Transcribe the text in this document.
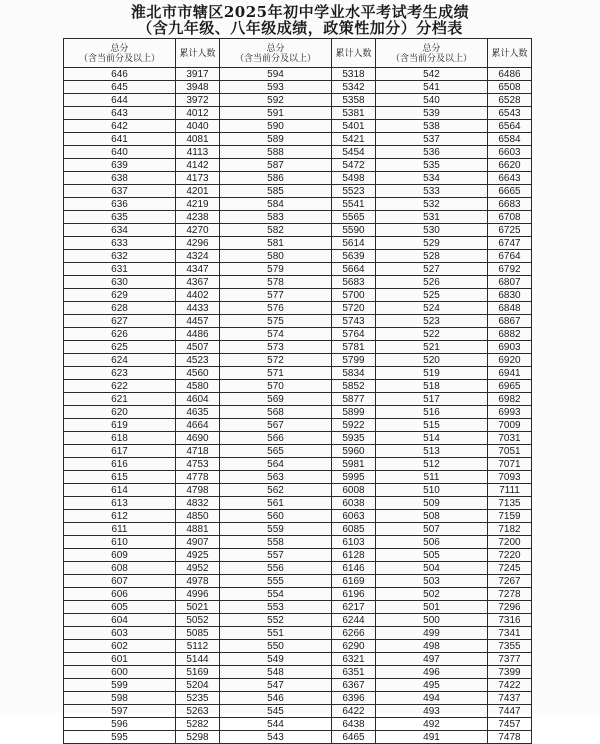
淮北市市辖区2025年初中学业水平考试考生成绩
（含九年级、八年级成绩，政策性加分）分档表
总分
（含当前分及以上）	累计人数	总分
（含当前分及以上）	累计人数	总分
（含当前分及以上）	累计人数
646	3917	594	5318	542	6486
645	3948	593	5342	541	6508
644	3972	592	5358	540	6528
643	4012	591	5381	539	6543
642	4040	590	5401	538	6564
641	4081	589	5421	537	6584
640	4113	588	5454	536	6603
639	4142	587	5472	535	6620
638	4173	586	5498	534	6643
637	4201	585	5523	533	6665
636	4219	584	5541	532	6683
635	4238	583	5565	531	6708
634	4270	582	5590	530	6725
633	4296	581	5614	529	6747
632	4324	580	5639	528	6764
631	4347	579	5664	527	6792
630	4367	578	5683	526	6807
629	4402	577	5700	525	6830
628	4433	576	5720	524	6848
627	4457	575	5743	523	6867
626	4486	574	5764	522	6882
625	4507	573	5781	521	6903
624	4523	572	5799	520	6920
623	4560	571	5834	519	6941
622	4580	570	5852	518	6965
621	4604	569	5877	517	6982
620	4635	568	5899	516	6993
619	4664	567	5922	515	7009
618	4690	566	5935	514	7031
617	4718	565	5960	513	7051
616	4753	564	5981	512	7071
615	4778	563	5995	511	7093
614	4798	562	6008	510	7111
613	4832	561	6038	509	7135
612	4850	560	6063	508	7159
611	4881	559	6085	507	7182
610	4907	558	6103	506	7200
609	4925	557	6128	505	7220
608	4952	556	6146	504	7245
607	4978	555	6169	503	7267
606	4996	554	6196	502	7278
605	5021	553	6217	501	7296
604	5052	552	6244	500	7316
603	5085	551	6266	499	7341
602	5112	550	6290	498	7355
601	5144	549	6321	497	7377
600	5169	548	6351	496	7399
599	5204	547	6367	495	7422
598	5235	546	6396	494	7437
597	5263	545	6422	493	7447
596	5282	544	6438	492	7457
595	5298	543	6465	491	7478
